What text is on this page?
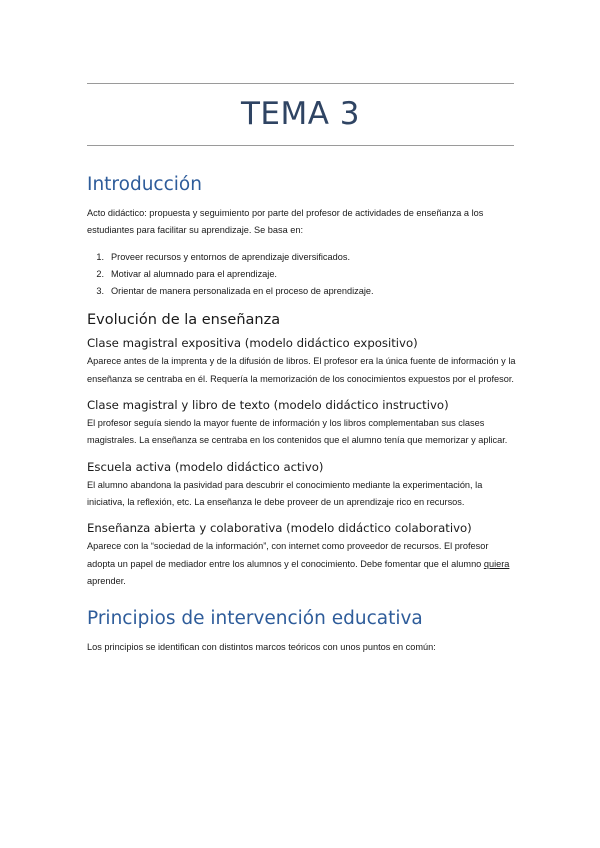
TEMA 3
Introducción

Acto didáctico: propuesta y seguimiento por parte del profesor de actividades de enseñanza a los estudiantes para facilitar su aprendizaje. Se basa en:

1. Proveer recursos y entornos de aprendizaje diversificados.
2. Motivar al alumnado para el aprendizaje.
3. Orientar de manera personalizada en el proceso de aprendizaje.
Evolución de la enseñanza
Clase magistral expositiva (modelo didáctico expositivo)

Aparece antes de la imprenta y de la difusión de libros. El profesor era la única fuente de información y la enseñanza se centraba en él. Requería la memorización de los conocimientos expuestos por el profesor.

Clase magistral y libro de texto (modelo didáctico instructivo)

El profesor seguía siendo la mayor fuente de información y los libros complementaban sus clases magistrales. La enseñanza se centraba en los contenidos que el alumno tenía que memorizar y aplicar.

Escuela activa (modelo didáctico activo)

El alumno abandona la pasividad para descubrir el conocimiento mediante la experimentación, la iniciativa, la reflexión, etc. La enseñanza le debe proveer de un aprendizaje rico en recursos.

Enseñanza abierta y colaborativa (modelo didáctico colaborativo)

Aparece con la “sociedad de la información”, con internet como proveedor de recursos. El profesor adopta un papel de mediador entre los alumnos y el conocimiento. Debe fomentar que el alumno quiera aprender.

Principios de intervención educativa

Los principios se identifican con distintos marcos teóricos con unos puntos en común:
